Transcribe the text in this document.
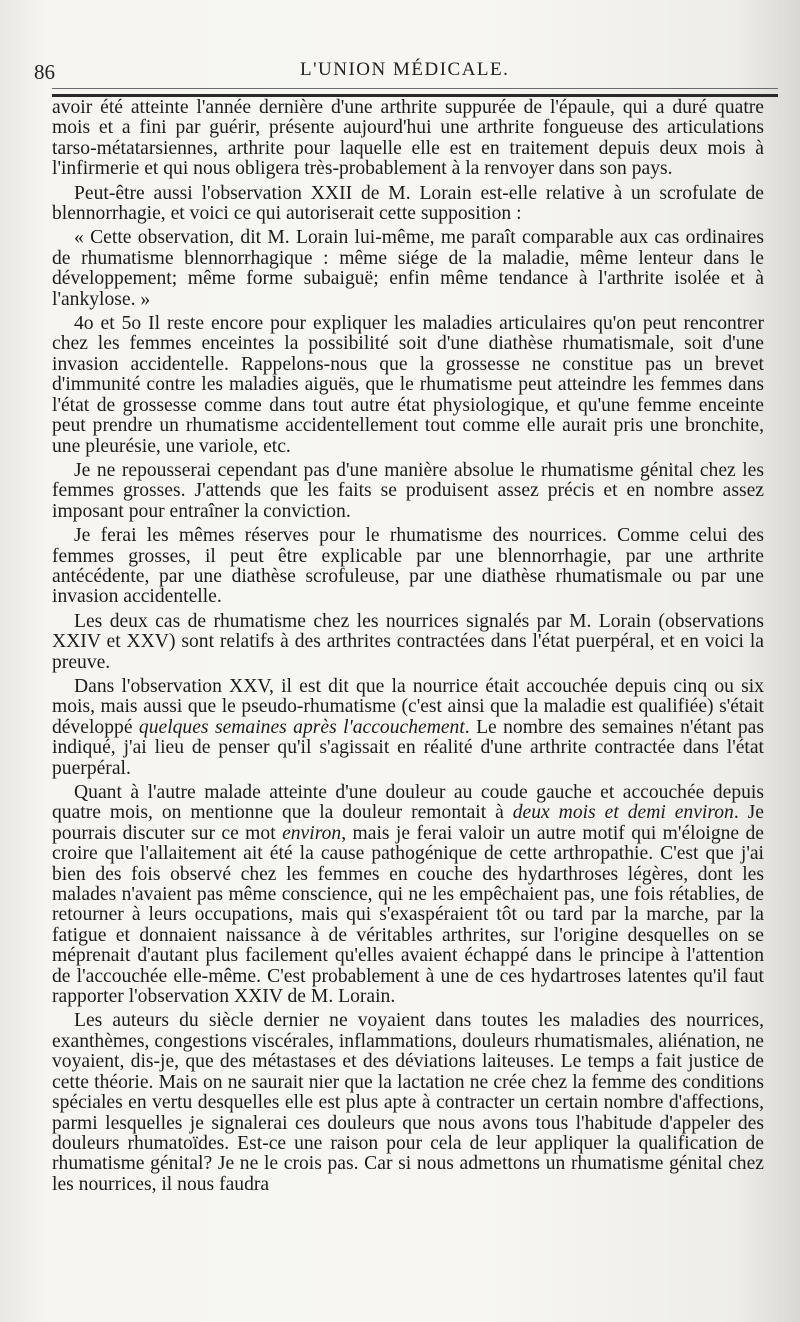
86	L'UNION MÉDICALE.

avoir été atteinte l'année dernière d'une arthrite suppurée de l'épaule, qui a duré quatre mois et a fini par guérir, présente aujourd'hui une arthrite fongueuse des articulations tarso-métatarsiennes, arthrite pour laquelle elle est en traitement depuis deux mois à l'infirmerie et qui nous obligera très-probablement à la renvoyer dans son pays.

Peut-être aussi l'observation XXII de M. Lorain est-elle relative à un scrofulate de blennorrhagie, et voici ce qui autoriserait cette supposition :

« Cette observation, dit M. Lorain lui-même, me paraît comparable aux cas ordinaires de rhumatisme blennorrhagique : même siége de la maladie, même lenteur dans le développement; même forme subaiguë; enfin même tendance à l'arthrite isolée et à l'ankylose. »

4o et 5o Il reste encore pour expliquer les maladies articulaires qu'on peut rencontrer chez les femmes enceintes la possibilité soit d'une diathèse rhumatismale, soit d'une invasion accidentelle. Rappelons-nous que la grossesse ne constitue pas un brevet d'immunité contre les maladies aiguës, que le rhumatisme peut atteindre les femmes dans l'état de grossesse comme dans tout autre état physiologique, et qu'une femme enceinte peut prendre un rhumatisme accidentellement tout comme elle aurait pris une bronchite, une pleurésie, une variole, etc.

Je ne repousserai cependant pas d'une manière absolue le rhumatisme génital chez les femmes grosses. J'attends que les faits se produisent assez précis et en nombre assez imposant pour entraîner la conviction.

Je ferai les mêmes réserves pour le rhumatisme des nourrices. Comme celui des femmes grosses, il peut être explicable par une blennorrhagie, par une arthrite antécédente, par une diathèse scrofuleuse, par une diathèse rhumatismale ou par une invasion accidentelle.

Les deux cas de rhumatisme chez les nourrices signalés par M. Lorain (observations XXIV et XXV) sont relatifs à des arthrites contractées dans l'état puerpéral, et en voici la preuve.

Dans l'observation XXV, il est dit que la nourrice était accouchée depuis cinq ou six mois, mais aussi que le pseudo-rhumatisme (c'est ainsi que la maladie est qualifiée) s'était développé quelques semaines après l'accouchement. Le nombre des semaines n'étant pas indiqué, j'ai lieu de penser qu'il s'agissait en réalité d'une arthrite contractée dans l'état puerpéral.

Quant à l'autre malade atteinte d'une douleur au coude gauche et accouchée depuis quatre mois, on mentionne que la douleur remontait à deux mois et demi environ. Je pourrais discuter sur ce mot environ, mais je ferai valoir un autre motif qui m'éloigne de croire que l'allaitement ait été la cause pathogénique de cette arthropathie. C'est que j'ai bien des fois observé chez les femmes en couche des hydarthroses légères, dont les malades n'avaient pas même conscience, qui ne les empêchaient pas, une fois rétablies, de retourner à leurs occupations, mais qui s'exaspéraient tôt ou tard par la marche, par la fatigue et donnaient naissance à de véritables arthrites, sur l'origine desquelles on se méprenait d'autant plus facilement qu'elles avaient échappé dans le principe à l'attention de l'accouchée elle-même. C'est probablement à une de ces hydartroses latentes qu'il faut rapporter l'observation XXIV de M. Lorain.

Les auteurs du siècle dernier ne voyaient dans toutes les maladies des nourrices, exanthèmes, congestions viscérales, inflammations, douleurs rhumatismales, aliénation, ne voyaient, dis-je, que des métastases et des déviations laiteuses. Le temps a fait justice de cette théorie. Mais on ne saurait nier que la lactation ne crée chez la femme des conditions spéciales en vertu desquelles elle est plus apte à contracter un certain nombre d'affections, parmi lesquelles je signalerai ces douleurs que nous avons tous l'habitude d'appeler des douleurs rhumatoïdes. Est-ce une raison pour cela de leur appliquer la qualification de rhumatisme génital? Je ne le crois pas. Car si nous admettons un rhumatisme génital chez les nourrices, il nous faudra
